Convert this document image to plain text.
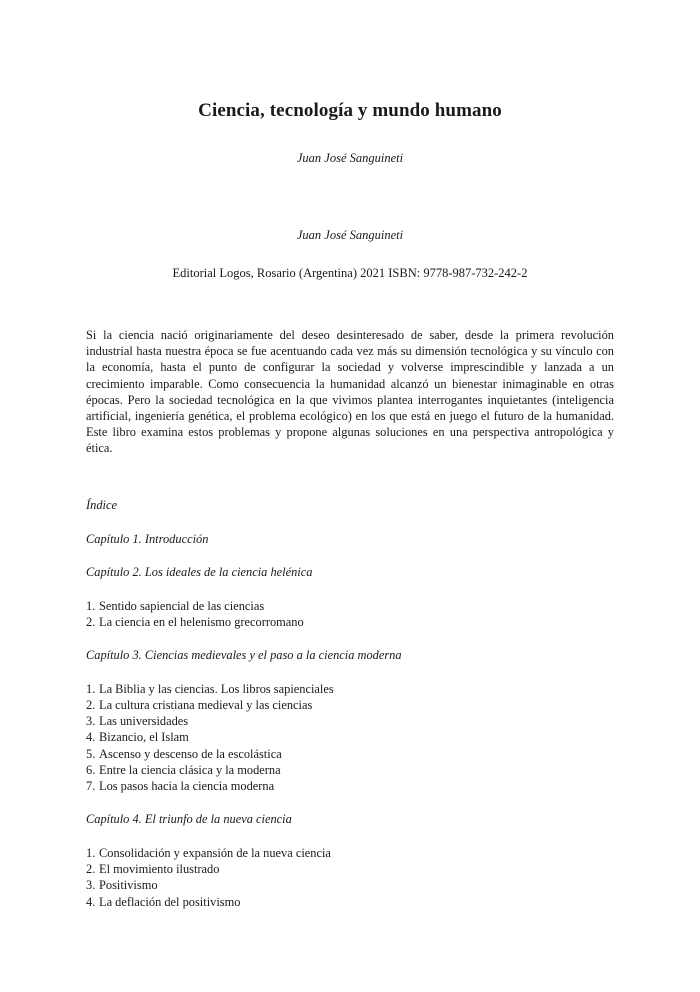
Ciencia, tecnología y mundo humano
Juan José Sanguineti
Juan José Sanguineti
Editorial Logos, Rosario (Argentina) 2021 ISBN: 9778-987-732-242-2

Si la ciencia nació originariamente del deseo desinteresado de saber, desde la primera revolución industrial hasta nuestra época se fue acentuando cada vez más su dimensión tecnológica y su vínculo con la economía, hasta el punto de configurar la sociedad y volverse imprescindible y lanzada a un crecimiento imparable. Como consecuencia la humanidad alcanzó un bienestar inimaginable en otras épocas. Pero la sociedad tecnológica en la que vivimos plantea interrogantes inquietantes (inteligencia artificial, ingeniería genética, el problema ecológico) en los que está en juego el futuro de la humanidad. Este libro examina estos problemas y propone algunas soluciones en una perspectiva antropológica y ética.

Índice
Capítulo 1. Introducción
Capítulo 2. Los ideales de la ciencia helénica
1. Sentido sapiencial de las ciencias
2. La ciencia en el helenismo grecorromano
Capítulo 3. Ciencias medievales y el paso a la ciencia moderna
1. La Biblia y las ciencias. Los libros sapienciales
2. La cultura cristiana medieval y las ciencias
3. Las universidades
4. Bizancio, el Islam
5. Ascenso y descenso de la escolástica
6. Entre la ciencia clásica y la moderna
7. Los pasos hacia la ciencia moderna
Capítulo 4. El triunfo de la nueva ciencia
1. Consolidación y expansión de la nueva ciencia
2. El movimiento ilustrado
3. Positivismo
4. La deflación del positivismo
